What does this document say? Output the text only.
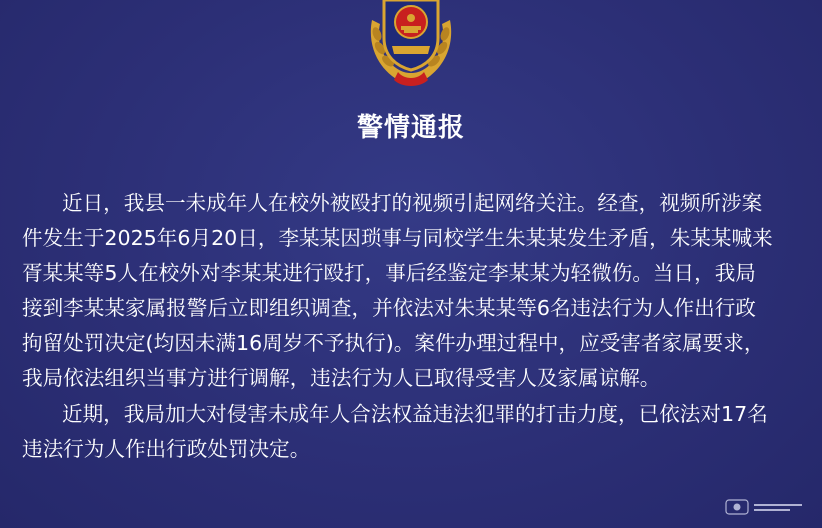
警情通报
近日，我县一未成年人在校外被殴打的视频引起网络关注。经查，视频所涉案
件发生于2025年6月20日，李某某因琐事与同校学生朱某某发生矛盾，朱某某喊来
胥某某等5人在校外对李某某进行殴打，事后经鉴定李某某为轻微伤。当日，我局
接到李某某家属报警后立即组织调查，并依法对朱某某等6名违法行为人作出行政
拘留处罚决定(均因未满16周岁不予执行)。案件办理过程中，应受害者家属要求，
我局依法组织当事方进行调解，违法行为人已取得受害人及家属谅解。
近期，我局加大对侵害未成年人合法权益违法犯罪的打击力度，已依法对17名
违法行为人作出行政处罚决定。
